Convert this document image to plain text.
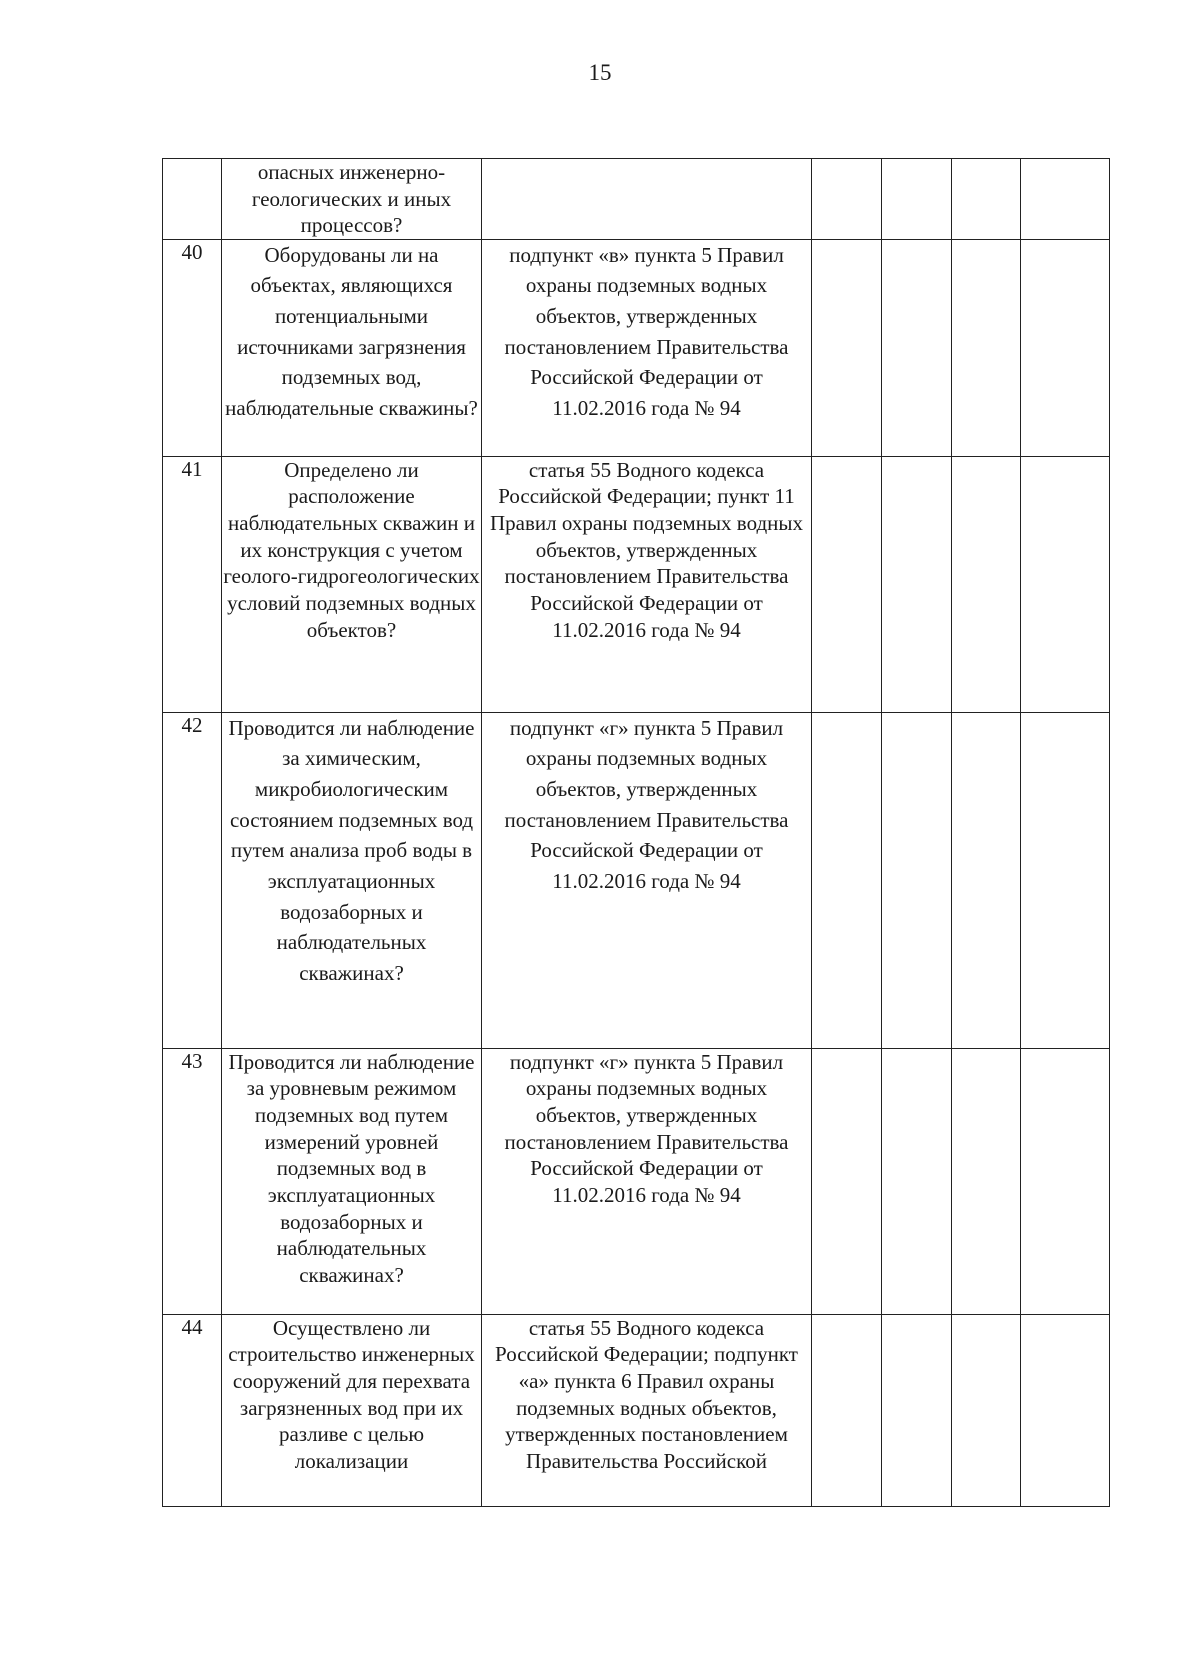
15
	опасных инженерно-геологических и иных процессов?					
40	Оборудованы ли на объектах, являющихся потенциальными источниками загрязнения подземных вод, наблюдательные скважины?	подпункт «в» пункта 5 Правил охраны подземных водных объектов, утвержденных постановлением Правительства Российской Федерации от 11.02.2016 года № 94				
41	Определено ли расположение наблюдательных скважин и их конструкция с учетом геолого-гидрогеологических условий подземных водных объектов?	статья 55 Водного кодекса Российской Федерации; пункт 11 Правил охраны подземных водных объектов, утвержденных постановлением Правительства Российской Федерации от 11.02.2016 года № 94				
42	Проводится ли наблюдение за химическим, микробиологическим состоянием подземных вод путем анализа проб воды в эксплуатационных водозаборных и наблюдательных скважинах?	подпункт «г» пункта 5 Правил охраны подземных водных объектов, утвержденных постановлением Правительства Российской Федерации от 11.02.2016 года № 94				
43	Проводится ли наблюдение за уровневым режимом подземных вод путем измерений уровней подземных вод в эксплуатационных водозаборных и наблюдательных скважинах?	подпункт «г» пункта 5 Правил охраны подземных водных объектов, утвержденных постановлением Правительства Российской Федерации от 11.02.2016 года № 94				
44	Осуществлено ли строительство инженерных сооружений для перехвата загрязненных вод при их разливе с целью локализации	статья 55 Водного кодекса Российской Федерации; подпункт «а» пункта 6 Правил охраны подземных водных объектов, утвержденных постановлением Правительства Российской				
